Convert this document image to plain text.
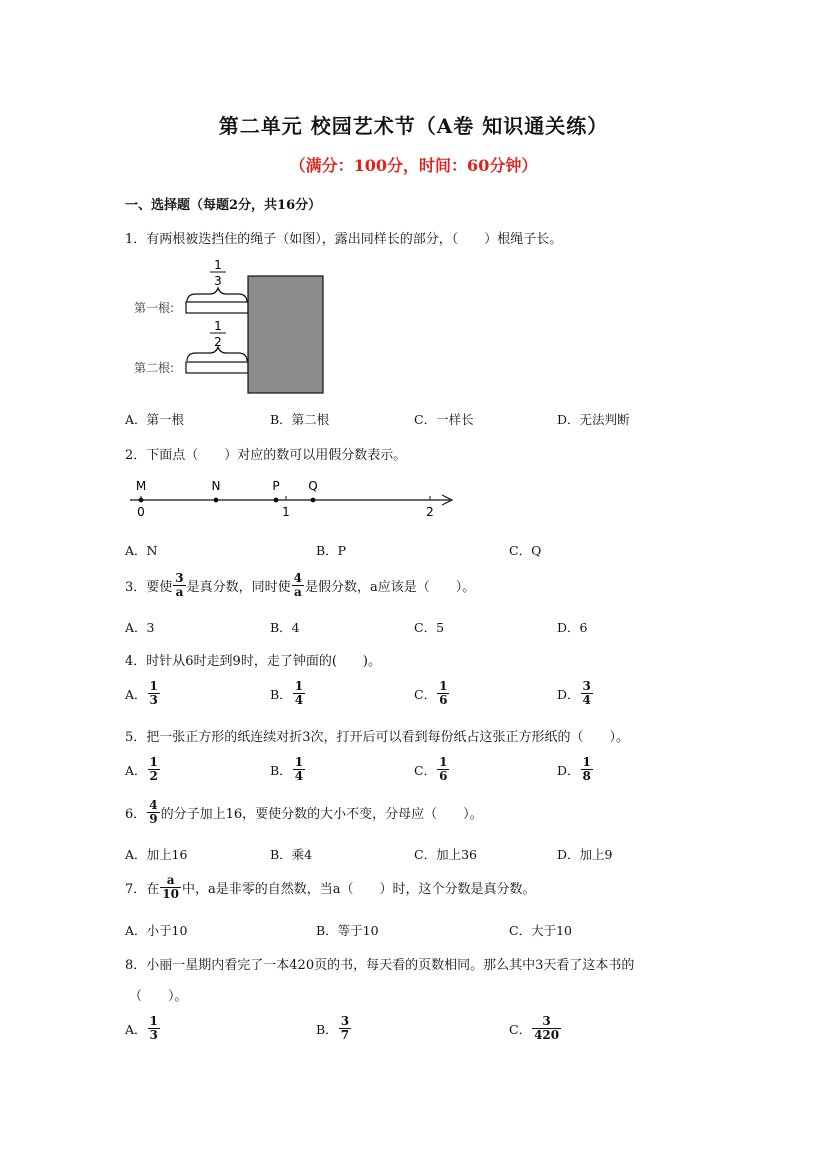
第二单元 校园艺术节（A卷 知识通关练）
（满分：100分，时间：60分钟）
一、选择题（每题2分，共16分）
1．有两根被迭挡住的绳子（如图），露出同样长的部分，（　　）根绳子长。
1
3
第一根:
1
2
第二根:
A．第一根	B．第二根	C．一样长	D．无法判断
2．下面点（　　）对应的数可以用假分数表示。
M	N	P Q
0	1	2
A．N	B．P	C．Q
3．要使 $\frac{3}{a}$ 是真分数，同时使 $\frac{4}{a}$ 是假分数，a应该是（　　）。
A．3	B．4	C．5	D．6
4．时针从6时走到9时，走了钟面的(　　)。
A． $\frac{1}{3}$	B． $\frac{1}{4}$	C． $\frac{1}{6}$	D． $\frac{3}{4}$
5．把一张正方形的纸连续对折3次，打开后可以看到每份纸占这张正方形纸的（　　）。
A． $\frac{1}{2}$	B． $\frac{1}{4}$	C． $\frac{1}{6}$	D． $\frac{1}{8}$
6． $\frac{4}{9}$ 的分子加上16，要使分数的大小不变，分母应（　　）。
A．加上16	B．乘4	C．加上36	D．加上9
7．在 $\frac{a}{10}$ 中，a是非零的自然数，当a（　　）时，这个分数是真分数。
A．小于10	B．等于10	C．大于10
8．小丽一星期内看完了一本420页的书，每天看的页数相同。那么其中3天看了这本书的
（　　）。
A． $\frac{1}{3}$	B． $\frac{3}{7}$	C． $\frac{3}{420}$
